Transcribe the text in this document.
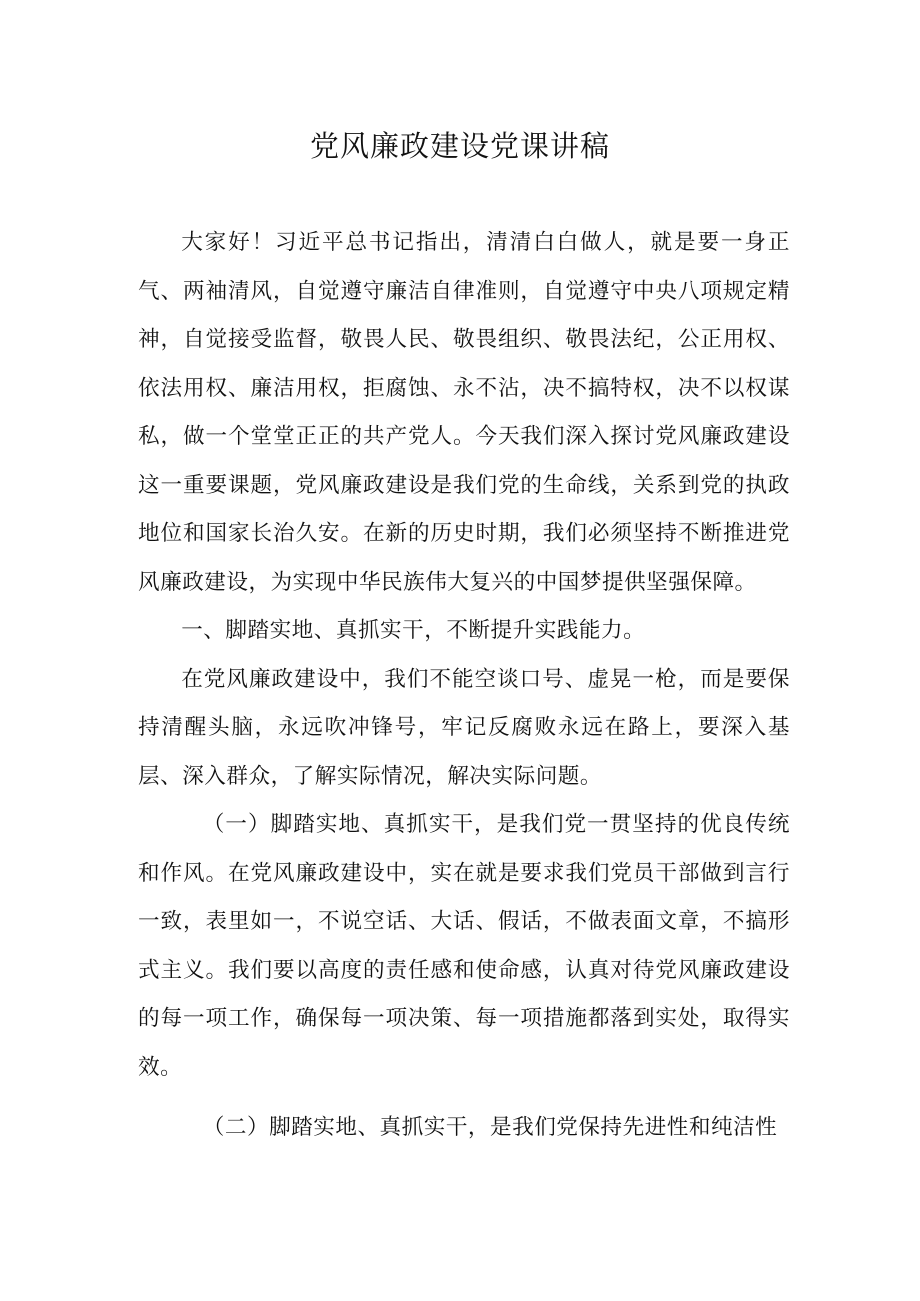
党风廉政建设党课讲稿

大家好！习近平总书记指出，清清白白做人，就是要一身正气、两袖清风，自觉遵守廉洁自律准则，自觉遵守中央八项规定精神，自觉接受监督，敬畏人民、敬畏组织、敬畏法纪，公正用权、依法用权、廉洁用权，拒腐蚀、永不沾，决不搞特权，决不以权谋私，做一个堂堂正正的共产党人。今天我们深入探讨党风廉政建设这一重要课题，党风廉政建设是我们党的生命线，关系到党的执政地位和国家长治久安。在新的历史时期，我们必须坚持不断推进党风廉政建设，为实现中华民族伟大复兴的中国梦提供坚强保障。

一、脚踏实地、真抓实干，不断提升实践能力。

在党风廉政建设中，我们不能空谈口号、虚晃一枪，而是要保持清醒头脑，永远吹冲锋号，牢记反腐败永远在路上，要深入基层、深入群众，了解实际情况，解决实际问题。

（一）脚踏实地、真抓实干，是我们党一贯坚持的优良传统和作风。在党风廉政建设中，实在就是要求我们党员干部做到言行一致，表里如一，不说空话、大话、假话，不做表面文章，不搞形式主义。我们要以高度的责任感和使命感，认真对待党风廉政建设的每一项工作，确保每一项决策、每一项措施都落到实处，取得实效。

（二）脚踏实地、真抓实干，是我们党保持先进性和纯洁性
